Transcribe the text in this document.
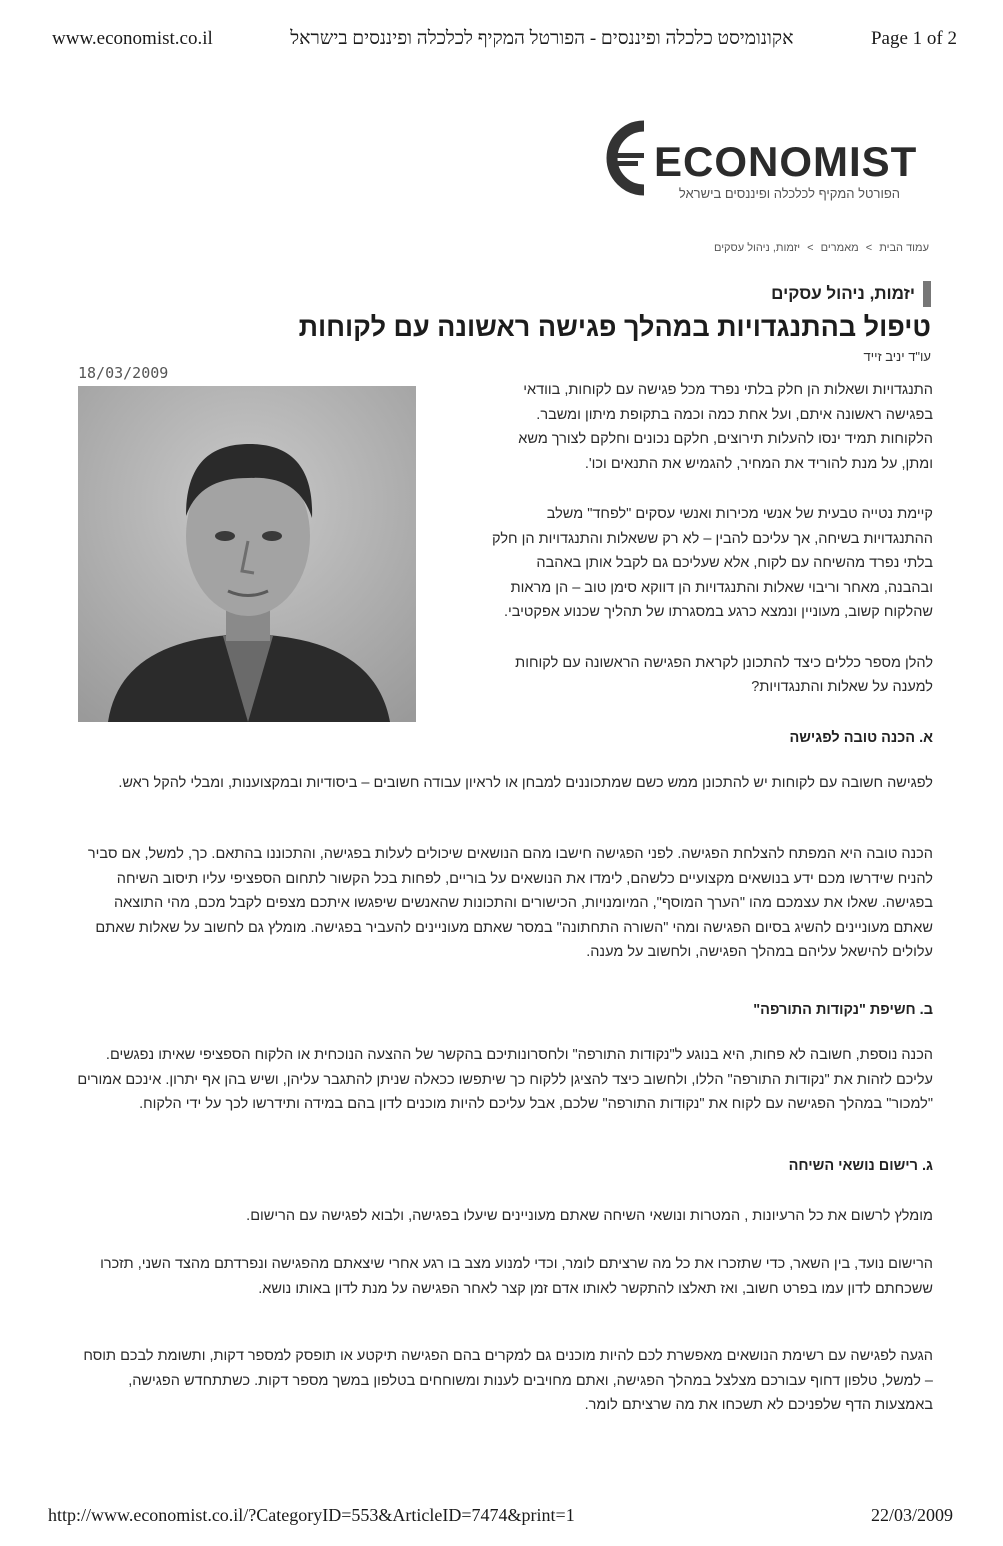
www.economist.co.il	אקונומיסט כלכלה ופיננסים - הפורטל המקיף לכלכלה ופיננסים בישראל	Page 1 of 2
ECONOMIST
הפורטל המקיף לכלכלה ופיננסים בישראל
עמוד הבית > מאמרים > יזמות, ניהול עסקים
יזמות, ניהול עסקים
טיפול בהתנגדויות במהלך פגישה ראשונה עם לקוחות
עו"ד יניב זייד
18/03/2009

התנגדויות ושאלות הן חלק בלתי נפרד מכל פגישה עם לקוחות, בוודאי בפגישה ראשונה איתם, ועל אחת כמה וכמה בתקופת מיתון ומשבר. הלקוחות תמיד ינסו להעלות תירוצים, חלקם נכונים וחלקם לצורך משא ומתן, על מנת להוריד את המחיר, להגמיש את התנאים וכו'.

קיימת נטייה טבעית של אנשי מכירות ואנשי עסקים "לפחד" משלב ההתנגדויות בשיחה, אך עליכם להבין – לא רק ששאלות והתנגדויות הן חלק בלתי נפרד מהשיחה עם לקוח, אלא שעליכם גם לקבל אותן באהבה ובהבנה, מאחר וריבוי שאלות והתנגדויות הן דווקא סימן טוב – הן מראות שהלקוח קשוב, מעוניין ונמצא כרגע במסגרתו של תהליך שכנוע אפקטיבי.

להלן מספר כללים כיצד להתכונן לקראת הפגישה הראשונה עם לקוחות למענה על שאלות והתנגדויות?

א. הכנה טובה לפגישה

לפגישה חשובה עם לקוחות יש להתכונן ממש כשם שמתכוננים למבחן או לראיון עבודה חשובים – ביסודיות ובמקצוענות, ומבלי להקל ראש.

הכנה טובה היא המפתח להצלחת הפגישה. לפני הפגישה חישבו מהם הנושאים שיכולים לעלות בפגישה, והתכוננו בהתאם. כך, למשל, אם סביר להניח שידרשו מכם ידע בנושאים מקצועיים כלשהם, לימדו את הנושאים על בוריים, לפחות בכל הקשור לתחום הספציפי עליו תיסוב השיחה בפגישה. שאלו את עצמכם מהו "הערך המוסף", המיומנויות, הכישורים והתכונות שהאנשים שיפגשו איתכם מצפים לקבל מכם, מהי התוצאה שאתם מעוניינים להשיג בסיום הפגישה ומהי "השורה התחתונה" במסר שאתם מעוניינים להעביר בפגישה. מומלץ גם לחשוב על שאלות שאתם עלולים להישאל עליהם במהלך הפגישה, ולחשוב על מענה.

ב. חשיפת "נקודות התורפה"

הכנה נוספת, חשובה לא פחות, היא בנוגע ל"נקודות התורפה" ולחסרונותיכם בהקשר של ההצעה הנוכחית או הלקוח הספציפי שאיתו נפגשים. עליכם לזהות את "נקודות התורפה" הללו, ולחשוב כיצד להציגן ללקוח כך שיתפשו ככאלה שניתן להתגבר עליהן, ושיש בהן אף יתרון. אינכם אמורים "למכור" במהלך הפגישה עם לקוח את "נקודות התורפה" שלכם, אבל עליכם להיות מוכנים לדון בהם במידה ותידרשו לכך על ידי הלקוח.

ג. רישום נושאי השיחה

מומלץ לרשום את כל הרעיונות , המטרות ונושאי השיחה שאתם מעוניינים שיעלו בפגישה, ולבוא לפגישה עם הרישום.

הרישום נועד, בין השאר, כדי שתזכרו את כל מה שרציתם לומר, וכדי למנוע מצב בו רגע אחרי שיצאתם מהפגישה ונפרדתם מהצד השני, תזכרו ששכחתם לדון עמו בפרט חשוב, ואז תאלצו להתקשר לאותו אדם זמן קצר לאחר הפגישה על מנת לדון באותו נושא.

הגעה לפגישה עם רשימת הנושאים מאפשרת לכם להיות מוכנים גם למקרים בהם הפגישה תיקטע או תופסק למספר דקות, ותשומת לבכם תוסח – למשל, טלפון דחוף עבורכם מצלצל במהלך הפגישה, ואתם מחויבים לענות ומשוחחים בטלפון במשך מספר דקות. כשתתחדש הפגישה, באמצעות הדף שלפניכם לא תשכחו את מה שרציתם לומר.

http://www.economist.co.il/?CategoryID=553&ArticleID=7474&print=1	22/03/2009
